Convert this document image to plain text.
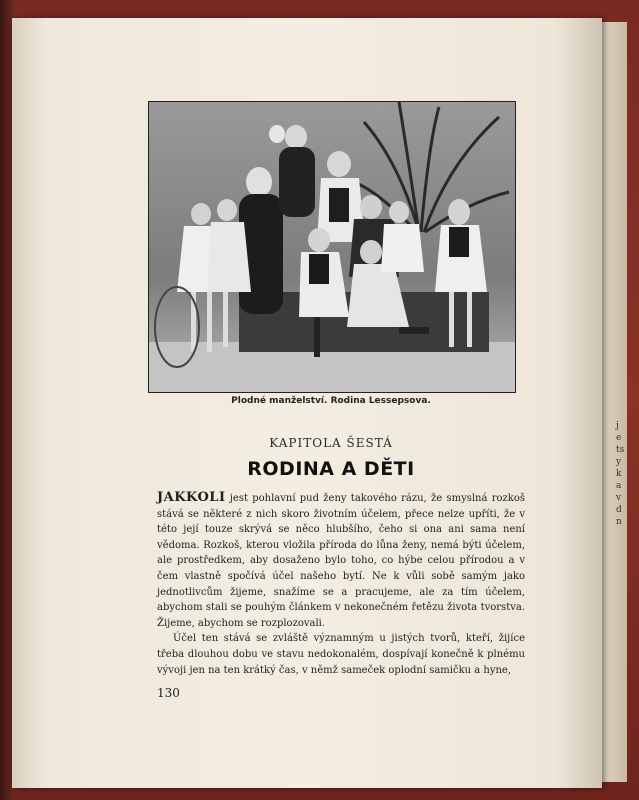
j
e
ts
y
k
a
v
d
n
Plodné manželství. Rodina Lessepsova.
KAPITOLA ŠESTÁ
RODINA A DĚTI

JAKKOLI jest pohlavní pud ženy takového rázu, že smyslná rozkoš stává se některé z nich skoro životním účelem, přece nelze upříti, že v této její touze skrývá se něco hlubšího, čeho si ona ani sama není vědoma. Rozkoš, kterou vložila příroda do lůna ženy, nemá býti účelem, ale prostředkem, aby dosaženo bylo toho, co hýbe celou přírodou a v čem vlastně spočívá účel našeho bytí. Ne k vůli sobě samým jako jednotlivcům žijeme, snažíme se a pracujeme, ale za tím účelem, abychom stali se pouhým článkem v nekonečném řetězu života tvorstva. Žijeme, abychom se rozplozovali.

Účel ten stává se zvláště významným u jistých tvorů, kteří, žijíce třeba dlouhou dobu ve stavu nedokonalém, dospívají konečně k plnému vývoji jen na ten krátký čas, v němž sameček oplodní samičku a hyne,

130
